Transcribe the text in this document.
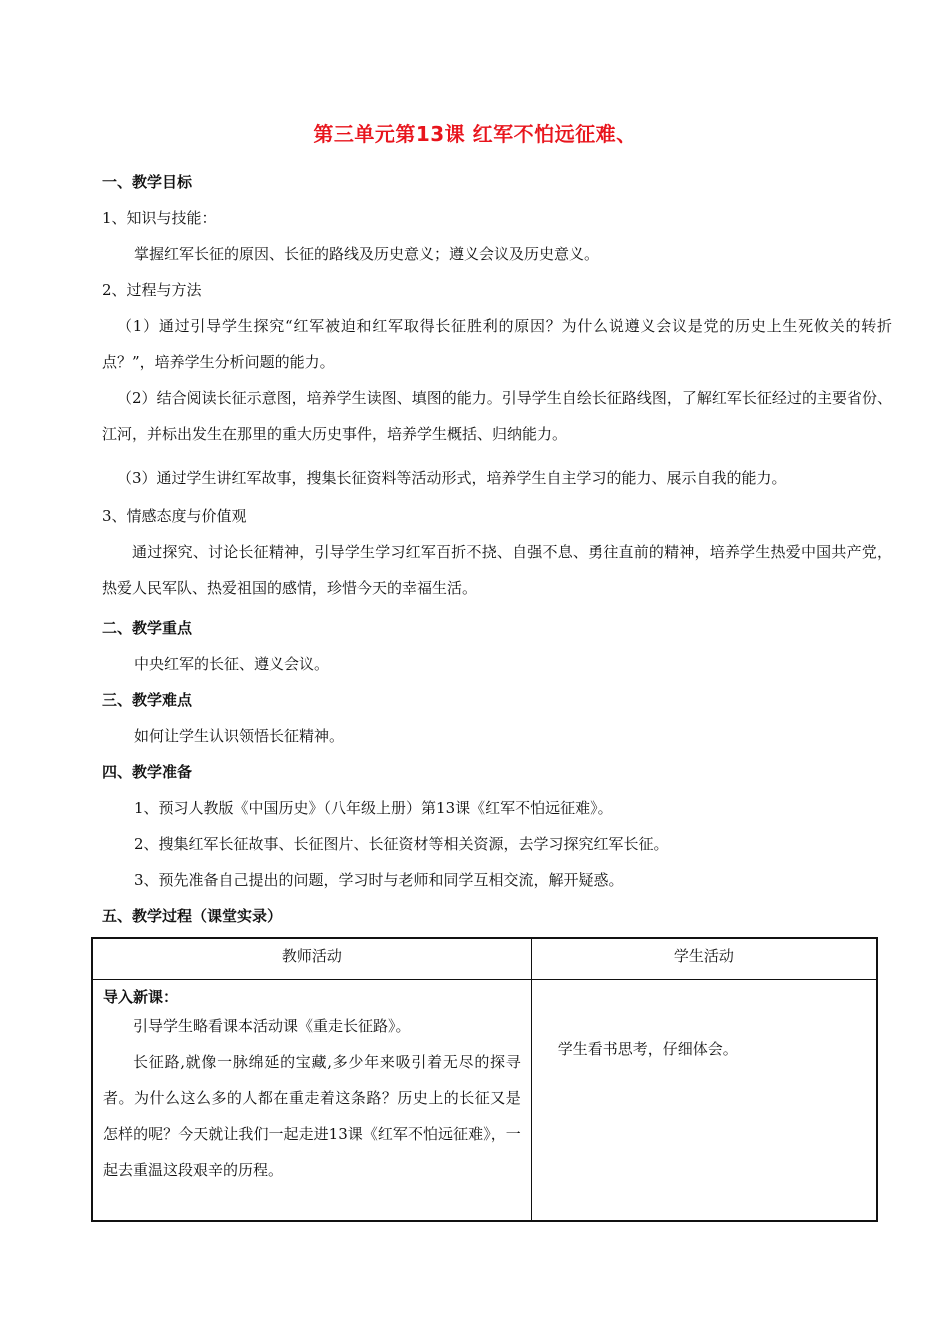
第三单元第13课 红军不怕远征难、
一、教学目标
1、知识与技能：
掌握红军长征的原因、长征的路线及历史意义；遵义会议及历史意义。
2、过程与方法
（1）通过引导学生探究“红军被迫和红军取得长征胜利的原因？为什么说遵义会议是党的历史上生死攸关的转折点？”，培养学生分析问题的能力。
（2）结合阅读长征示意图，培养学生读图、填图的能力。引导学生自绘长征路线图，了解红军长征经过的主要省份、江河，并标出发生在那里的重大历史事件，培养学生概括、归纳能力。
（3）通过学生讲红军故事，搜集长征资料等活动形式，培养学生自主学习的能力、展示自我的能力。
3、情感态度与价值观
通过探究、讨论长征精神，引导学生学习红军百折不挠、自强不息、勇往直前的精神，培养学生热爱中国共产党，热爱人民军队、热爱祖国的感情，珍惜今天的幸福生活。
二、教学重点
中央红军的长征、遵义会议。
三、教学难点
如何让学生认识领悟长征精神。
四、教学准备
1、预习人教版《中国历史》（八年级上册）第13课《红军不怕远征难》。
2、搜集红军长征故事、长征图片、长征资材等相关资源，去学习探究红军长征。
3、预先准备自己提出的问题，学习时与老师和同学互相交流，解开疑惑。
五、教学过程（课堂实录）
教师活动	学生活动

导入新课：
引导学生略看课本活动课《重走长征路》。
长征路,就像一脉绵延的宝藏,多少年来吸引着无尽的探寻者。为什么这么多的人都在重走着这条路？历史上的长征又是怎样的呢？今天就让我们一起走进13课《红军不怕远征难》，一起去重温这段艰辛的历程。	学生看书思考，仔细体会。
